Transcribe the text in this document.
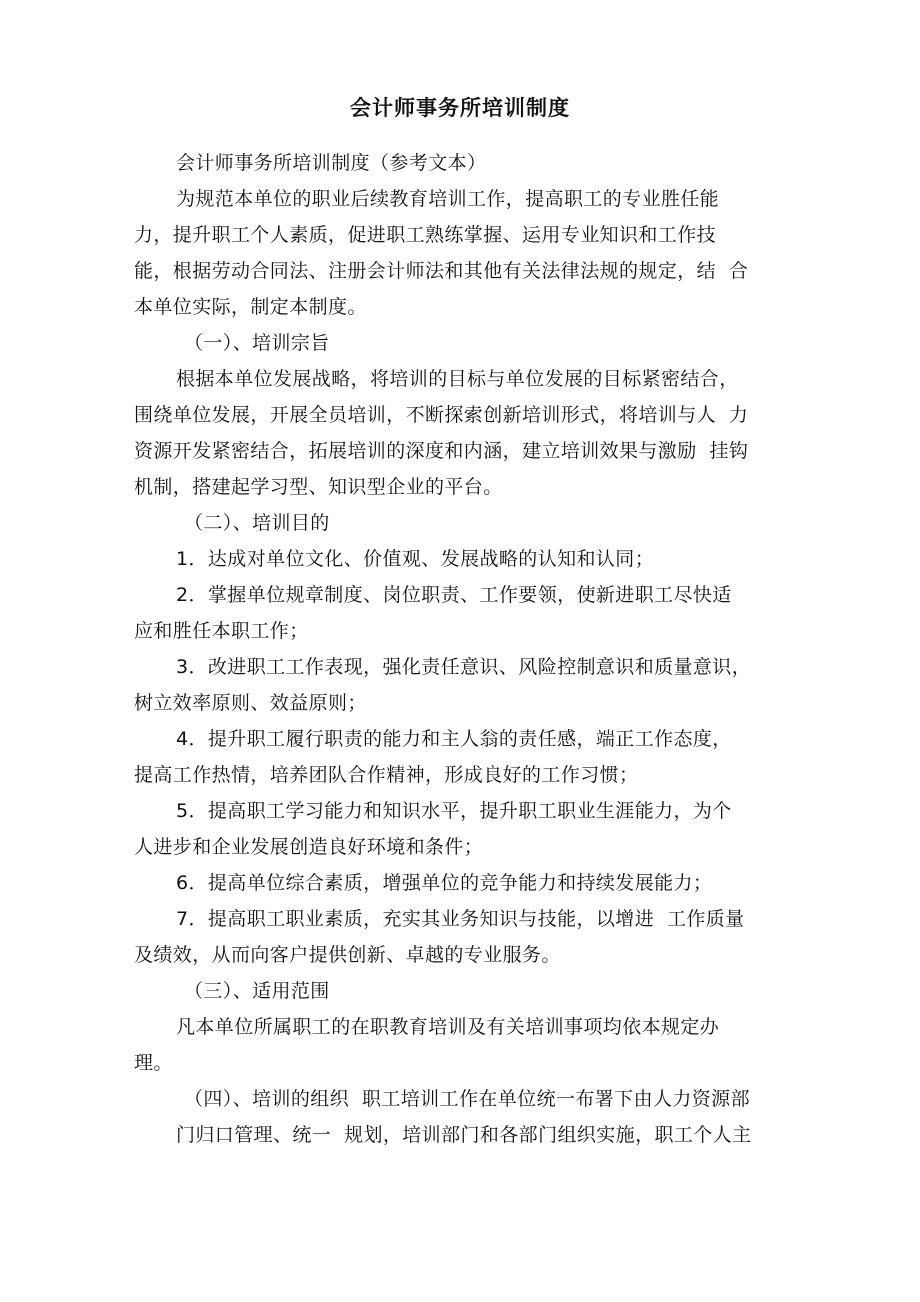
会计师事务所培训制度
会计师事务所培训制度（参考文本）
为规范本单位的职业后续教育培训工作，提高职工的专业胜任能
力，提升职工个人素质，促进职工熟练掌握、运用专业知识和工作技
能，根据劳动合同法、注册会计师法和其他有关法律法规的规定，结  合
本单位实际，制定本制度。
（一）、培训宗旨
根据本单位发展战略，将培训的目标与单位发展的目标紧密结合，
围绕单位发展，开展全员培训，不断探索创新培训形式，将培训与人  力
资源开发紧密结合，拓展培训的深度和内涵，建立培训效果与激励  挂钩
机制，搭建起学习型、知识型企业的平台。
（二）、培训目的
1．达成对单位文化、价值观、发展战略的认知和认同；
2．掌握单位规章制度、岗位职责、工作要领，使新进职工尽快适
应和胜任本职工作；
3．改进职工工作表现，强化责任意识、风险控制意识和质量意识，
树立效率原则、效益原则；
4．提升职工履行职责的能力和主人翁的责任感，端正工作态度，
提高工作热情，培养团队合作精神，形成良好的工作习惯；
5．提高职工学习能力和知识水平，提升职工职业生涯能力，为个
人进步和企业发展创造良好环境和条件；
6．提高单位综合素质，增强单位的竞争能力和持续发展能力；
7．提高职工职业素质，充实其业务知识与技能，以增进  工作质量
及绩效，从而向客户提供创新、卓越的专业服务。
（三）、适用范围
凡本单位所属职工的在职教育培训及有关培训事项均依本规定办
理。
（四）、培训的组织  职工培训工作在单位统一布署下由人力资源部
门归口管理、统一  规划，培训部门和各部门组织实施，职工个人主
